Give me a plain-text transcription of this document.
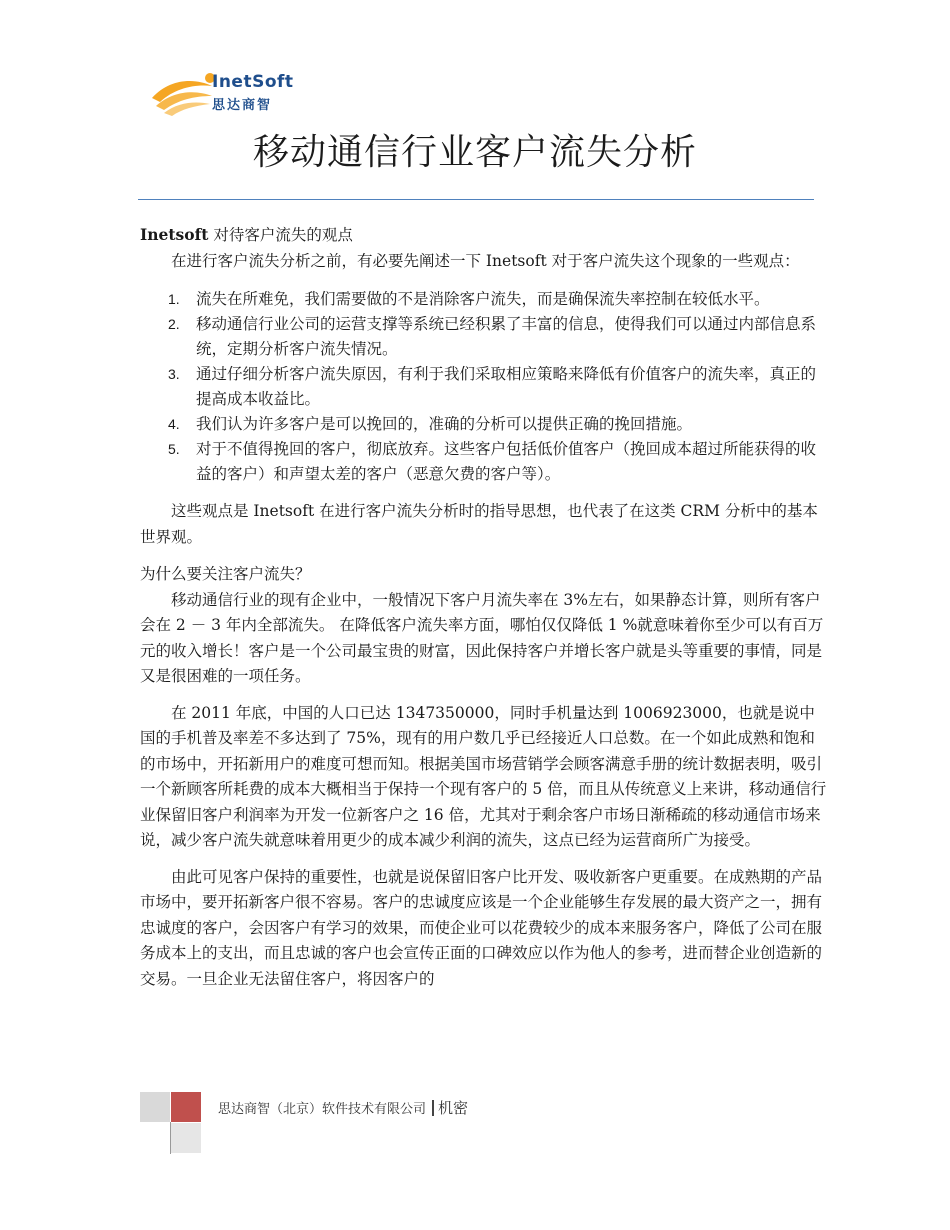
InetSoft
思达商智
移动通信行业客户流失分析
Inetsoft 对待客户流失的观点

在进行客户流失分析之前，有必要先阐述一下 Inetsoft 对于客户流失这个现象的一些观点：

1. 流失在所难免，我们需要做的不是消除客户流失，而是确保流失率控制在较低水平。
2. 移动通信行业公司的运营支撑等系统已经积累了丰富的信息，使得我们可以通过内部信息系统，定期分析客户流失情况。
3. 通过仔细分析客户流失原因，有利于我们采取相应策略来降低有价值客户的流失率，真正的提高成本收益比。
4. 我们认为许多客户是可以挽回的，准确的分析可以提供正确的挽回措施。
5. 对于不值得挽回的客户，彻底放弃。这些客户包括低价值客户（挽回成本超过所能获得的收益的客户）和声望太差的客户（恶意欠费的客户等）。

这些观点是 Inetsoft 在进行客户流失分析时的指导思想，也代表了在这类 CRM 分析中的基本世界观。

为什么要关注客户流失？

移动通信行业的现有企业中，一般情况下客户月流失率在 3%左右，如果静态计算，则所有客户会在 2 － 3 年内全部流失。 在降低客户流失率方面，哪怕仅仅降低 1 %就意味着你至少可以有百万元的收入增长！客户是一个公司最宝贵的财富，因此保持客户并增长客户就是头等重要的事情，同是又是很困难的一项任务。

在 2011 年底，中国的人口已达 1347350000，同时手机量达到 1006923000，也就是说中国的手机普及率差不多达到了 75%，现有的用户数几乎已经接近人口总数。在一个如此成熟和饱和的市场中，开拓新用户的难度可想而知。根据美国市场营销学会顾客满意手册的统计数据表明，吸引一个新顾客所耗费的成本大概相当于保持一个现有客户的 5 倍，而且从传统意义上来讲，移动通信行业保留旧客户利润率为开发一位新客户之 16 倍，尤其对于剩余客户市场日渐稀疏的移动通信市场来说，减少客户流失就意味着用更少的成本减少利润的流失，这点已经为运营商所广为接受。

由此可见客户保持的重要性，也就是说保留旧客户比开发、吸收新客户更重要。在成熟期的产品市场中，要开拓新客户很不容易。客户的忠诚度应该是一个企业能够生存发展的最大资产之一，拥有忠诚度的客户，会因客户有学习的效果，而使企业可以花费较少的成本来服务客户，降低了公司在服务成本上的支出，而且忠诚的客户也会宣传正面的口碑效应以作为他人的参考，进而替企业创造新的交易。一旦企业无法留住客户，将因客户的

思达商智（北京）软件技术有限公司 机密
